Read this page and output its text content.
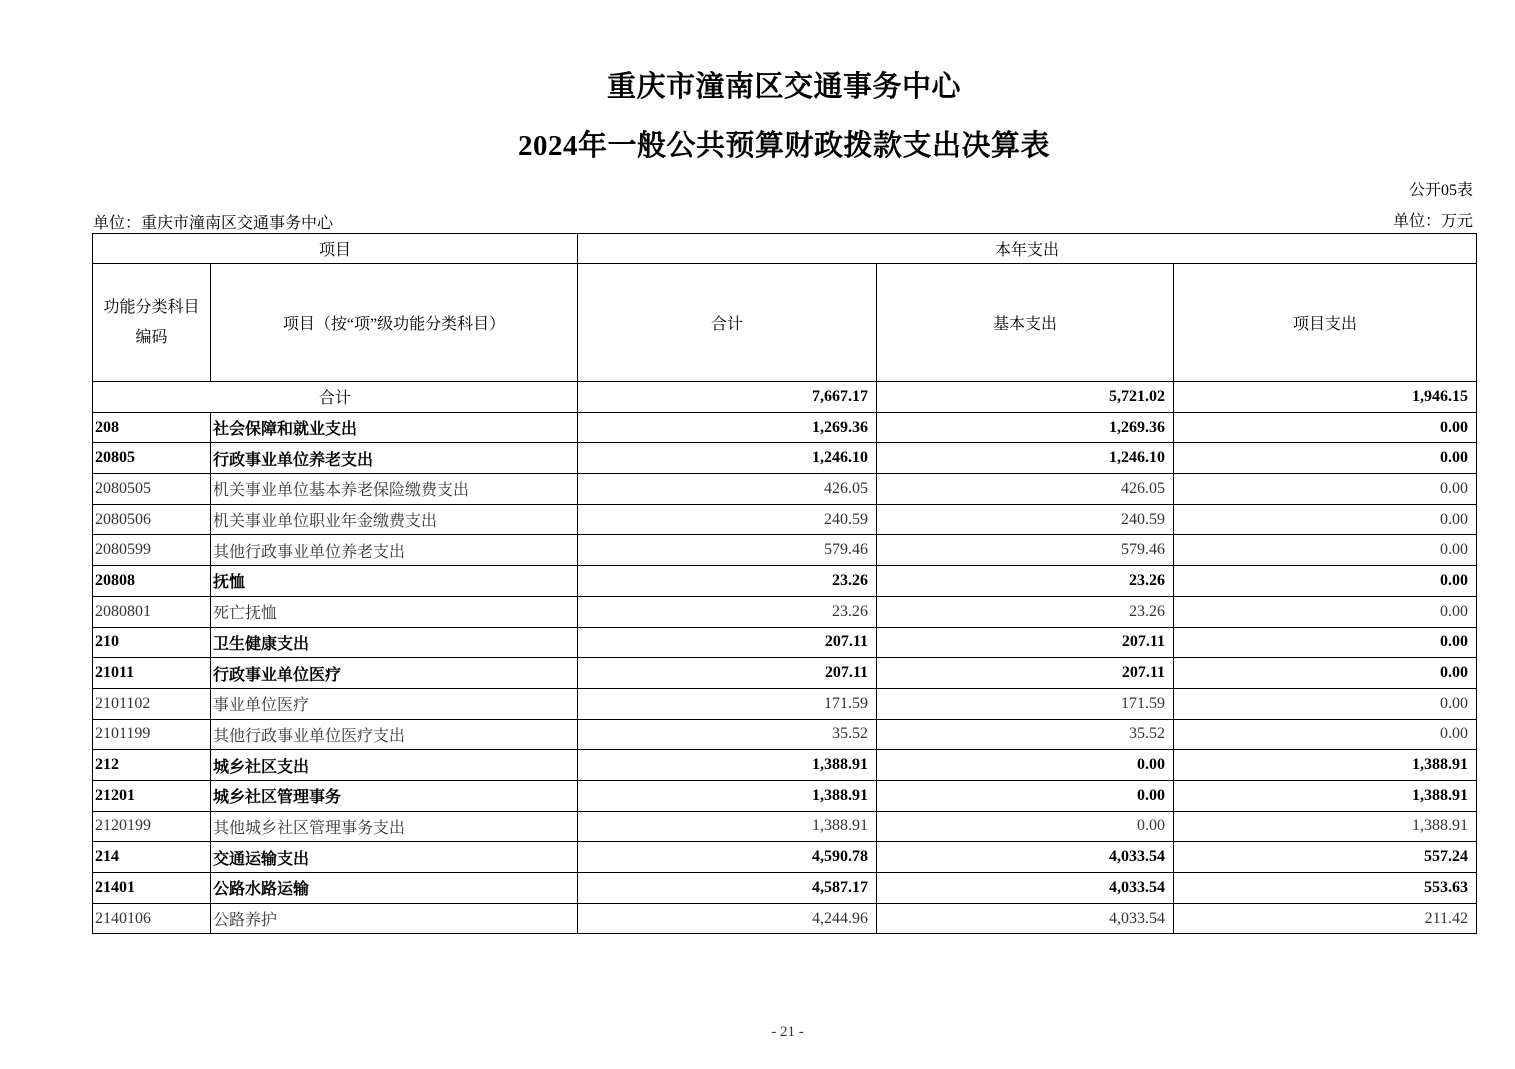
重庆市潼南区交通事务中心
2024年一般公共预算财政拨款支出决算表
公开05表
单位：重庆市潼南区交通事务中心	单位：万元
项目		本年支出		
功能分类科目编码	项目（按“项”级功能分类科目）	合计	基本支出	项目支出
合计		7,667.17	5,721.02	1,946.15
208	社会保障和就业支出	1,269.36	1,269.36	0.00
20805	行政事业单位养老支出	1,246.10	1,246.10	0.00
2080505	机关事业单位基本养老保险缴费支出	426.05	426.05	0.00
2080506	机关事业单位职业年金缴费支出	240.59	240.59	0.00
2080599	其他行政事业单位养老支出	579.46	579.46	0.00
20808	抚恤	23.26	23.26	0.00
2080801	死亡抚恤	23.26	23.26	0.00
210	卫生健康支出	207.11	207.11	0.00
21011	行政事业单位医疗	207.11	207.11	0.00
2101102	事业单位医疗	171.59	171.59	0.00
2101199	其他行政事业单位医疗支出	35.52	35.52	0.00
212	城乡社区支出	1,388.91	0.00	1,388.91
21201	城乡社区管理事务	1,388.91	0.00	1,388.91
2120199	其他城乡社区管理事务支出	1,388.91	0.00	1,388.91
214	交通运输支出	4,590.78	4,033.54	557.24
21401	公路水路运输	4,587.17	4,033.54	553.63
2140106	公路养护	4,244.96	4,033.54	211.42
- 21 -
